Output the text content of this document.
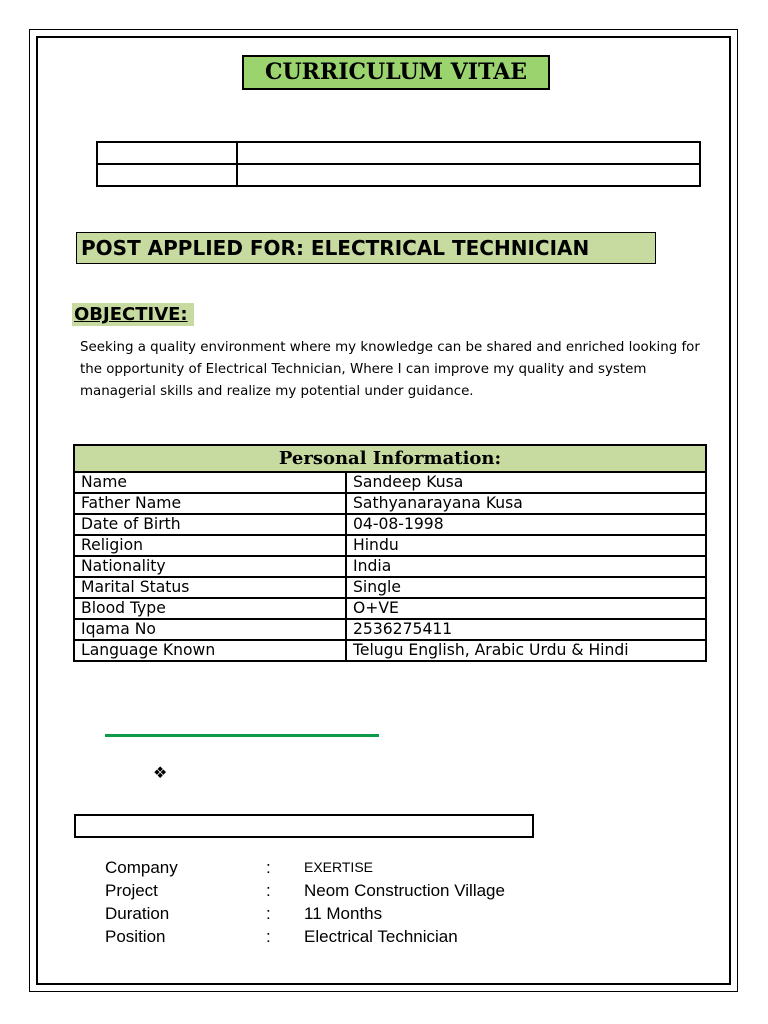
CURRICULUM VITAE

POST APPLIED FOR: ELECTRICAL TECHNICIAN
OBJECTIVE:

Seeking a quality environment where my knowledge can be shared and enriched looking for the opportunity of Electrical Technician, Where I can improve my quality and system managerial skills and realize my potential under guidance.

Personal Information:	
Name	Sandeep Kusa
Father Name	Sathyanarayana Kusa
Date of Birth	04-08-1998
Religion	Hindu
Nationality	India
Marital Status	Single
Blood Type	O+VE
Iqama No	2536275411
Language Known	Telugu English, Arabic Urdu & Hindi
❖
Company	: EXERTISE
Project	: Neom Construction Village
Duration	: 11 Months
Position	: Electrical Technician
